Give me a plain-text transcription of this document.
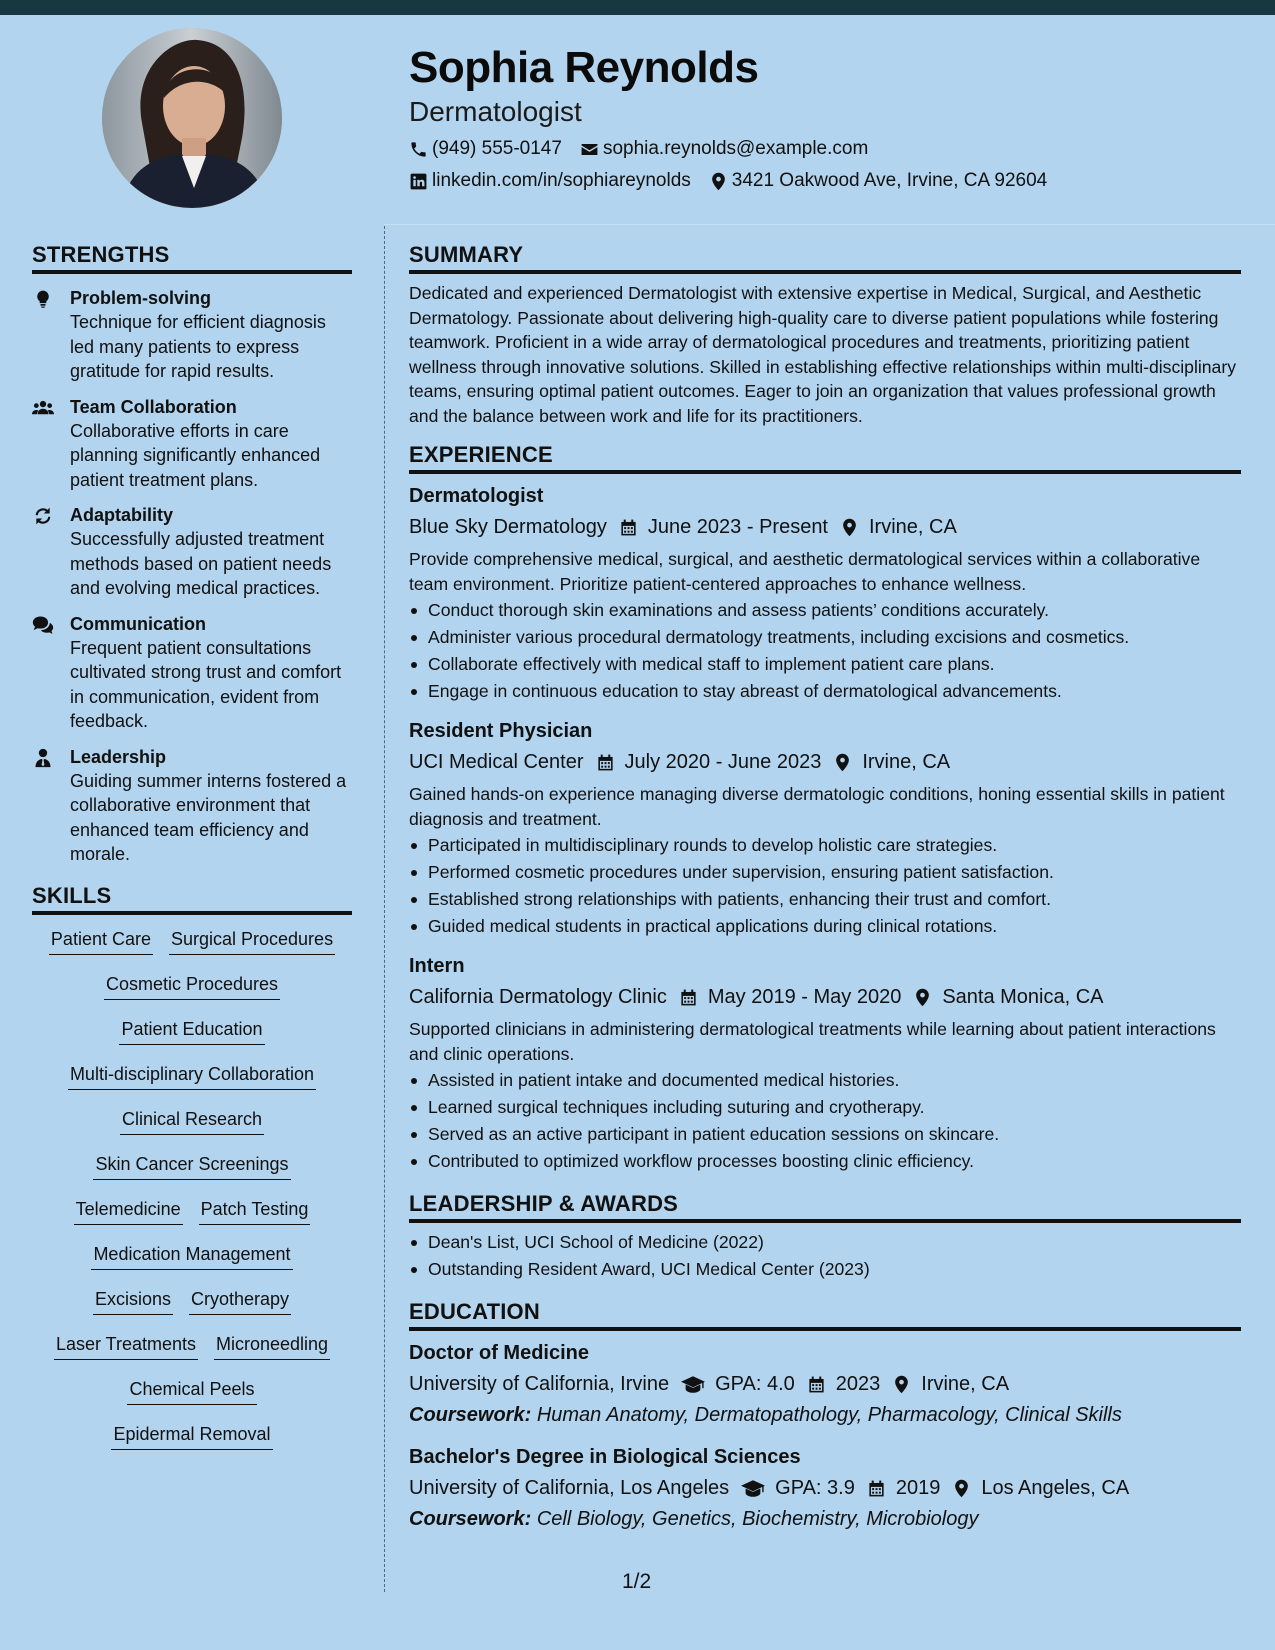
Sophia Reynolds
Dermatologist
(949) 555-0147 sophia.reynolds@example.com
linkedin.com/in/sophiareynolds 3421 Oakwood Ave, Irvine, CA 92604
STRENGTHS
Problem-solving
Technique for efficient diagnosis led many patients to express gratitude for rapid results.
Team Collaboration
Collaborative efforts in care planning significantly enhanced patient treatment plans.
Adaptability
Successfully adjusted treatment methods based on patient needs and evolving medical practices.
Communication
Frequent patient consultations cultivated strong trust and comfort in communication, evident from feedback.
Leadership
Guiding summer interns fostered a collaborative environment that enhanced team efficiency and morale.
SKILLS
Patient Care Surgical Procedures
Cosmetic Procedures
Patient Education
Multi-disciplinary Collaboration
Clinical Research
Skin Cancer Screenings
Telemedicine Patch Testing
Medication Management
Excisions Cryotherapy
Laser Treatments Microneedling
Chemical Peels
Epidermal Removal
SUMMARY
Dedicated and experienced Dermatologist with extensive expertise in Medical, Surgical, and Aesthetic Dermatology. Passionate about delivering high-quality care to diverse patient populations while fostering teamwork. Proficient in a wide array of dermatological procedures and treatments, prioritizing patient wellness through innovative solutions. Skilled in establishing effective relationships within multi-disciplinary teams, ensuring optimal patient outcomes. Eager to join an organization that values professional growth and the balance between work and life for its practitioners.
EXPERIENCE
Dermatologist
Blue Sky Dermatology June 2023 - Present Irvine, CA
Provide comprehensive medical, surgical, and aesthetic dermatological services within a collaborative team environment. Prioritize patient-centered approaches to enhance wellness.
Conduct thorough skin examinations and assess patients’ conditions accurately.
Administer various procedural dermatology treatments, including excisions and cosmetics.
Collaborate effectively with medical staff to implement patient care plans.
Engage in continuous education to stay abreast of dermatological advancements.
Resident Physician
UCI Medical Center July 2020 - June 2023 Irvine, CA
Gained hands-on experience managing diverse dermatologic conditions, honing essential skills in patient diagnosis and treatment.
Participated in multidisciplinary rounds to develop holistic care strategies.
Performed cosmetic procedures under supervision, ensuring patient satisfaction.
Established strong relationships with patients, enhancing their trust and comfort.
Guided medical students in practical applications during clinical rotations.
Intern
California Dermatology Clinic May 2019 - May 2020 Santa Monica, CA
Supported clinicians in administering dermatological treatments while learning about patient interactions and clinic operations.
Assisted in patient intake and documented medical histories.
Learned surgical techniques including suturing and cryotherapy.
Served as an active participant in patient education sessions on skincare.
Contributed to optimized workflow processes boosting clinic efficiency.
LEADERSHIP & AWARDS
Dean's List, UCI School of Medicine (2022)
Outstanding Resident Award, UCI Medical Center (2023)
EDUCATION
Doctor of Medicine
University of California, Irvine GPA: 4.0 2023 Irvine, CA
Coursework: Human Anatomy, Dermatopathology, Pharmacology, Clinical Skills
Bachelor's Degree in Biological Sciences
University of California, Los Angeles GPA: 3.9 2019 Los Angeles, CA
Coursework: Cell Biology, Genetics, Biochemistry, Microbiology
1/2
